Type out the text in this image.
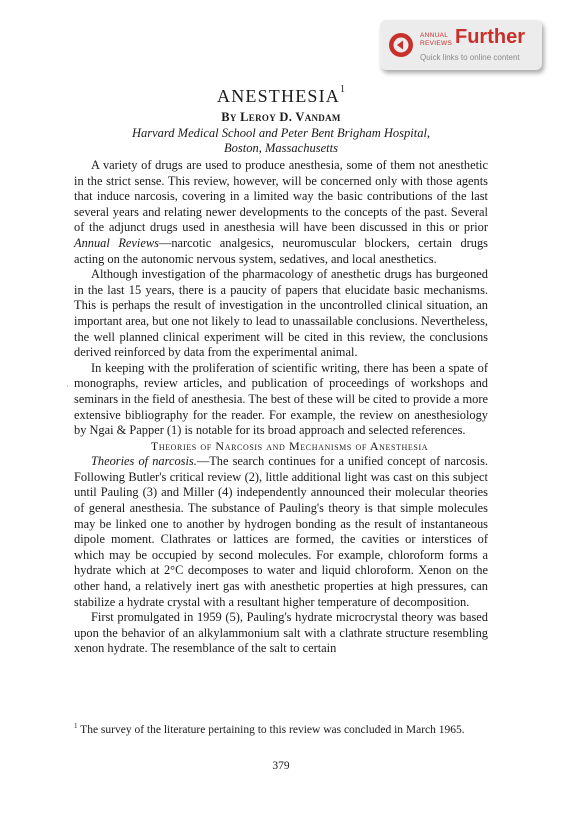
ANNUAL
REVIEWS Further
Quick links to online content
ANESTHESIA$^1$
By Leroy D. Vandam
Harvard Medical School and Peter Bent Brigham Hospital,
Boston, Massachusetts

A variety of drugs are used to produce anesthesia, some of them not anesthetic in the strict sense. This review, however, will be concerned only with those agents that induce narcosis, covering in a limited way the basic contributions of the last several years and relating newer developments to the concepts of the past. Several of the adjunct drugs used in anesthesia will have been discussed in this or prior Annual Reviews—narcotic analgesics, neuromuscular blockers, certain drugs acting on the autonomic nervous system, sedatives, and local anesthetics.

Although investigation of the pharmacology of anesthetic drugs has burgeoned in the last 15 years, there is a paucity of papers that elucidate basic mechanisms. This is perhaps the result of investigation in the uncontrolled clinical situation, an important area, but one not likely to lead to unassailable conclusions. Nevertheless, the well planned clinical experiment will be cited in this review, the conclusions derived reinforced by data from the experimental animal.

In keeping with the proliferation of scientific writing, there has been a spate of monographs, review articles, and publication of proceedings of workshops and seminars in the field of anesthesia. The best of these will be cited to provide a more extensive bibliography for the reader. For example, the review on anesthesiology by Ngai & Papper (1) is notable for its broad approach and selected references.

Theories of Narcosis and Mechanisms of Anesthesia

Theories of narcosis.—The search continues for a unified concept of narcosis. Following Butler's critical review (2), little additional light was cast on this subject until Pauling (3) and Miller (4) independently announced their molecular theories of general anesthesia. The substance of Pauling's theory is that simple molecules may be linked one to another by hydrogen bonding as the result of instantaneous dipole moment. Clathrates or lattices are formed, the cavities or interstices of which may be occupied by second molecules. For example, chloroform forms a hydrate which at 2°C decomposes to water and liquid chloroform. Xenon on the other hand, a relatively inert gas with anesthetic properties at high pressures, can stabilize a hydrate crystal with a resultant higher temperature of decomposition.

First promulgated in 1959 (5), Pauling's hydrate microcrystal theory was based upon the behavior of an alkylammonium salt with a clathrate structure resembling xenon hydrate. The resemblance of the salt to certain

·
$^1$ The survey of the literature pertaining to this review was concluded in March 1965.
379
